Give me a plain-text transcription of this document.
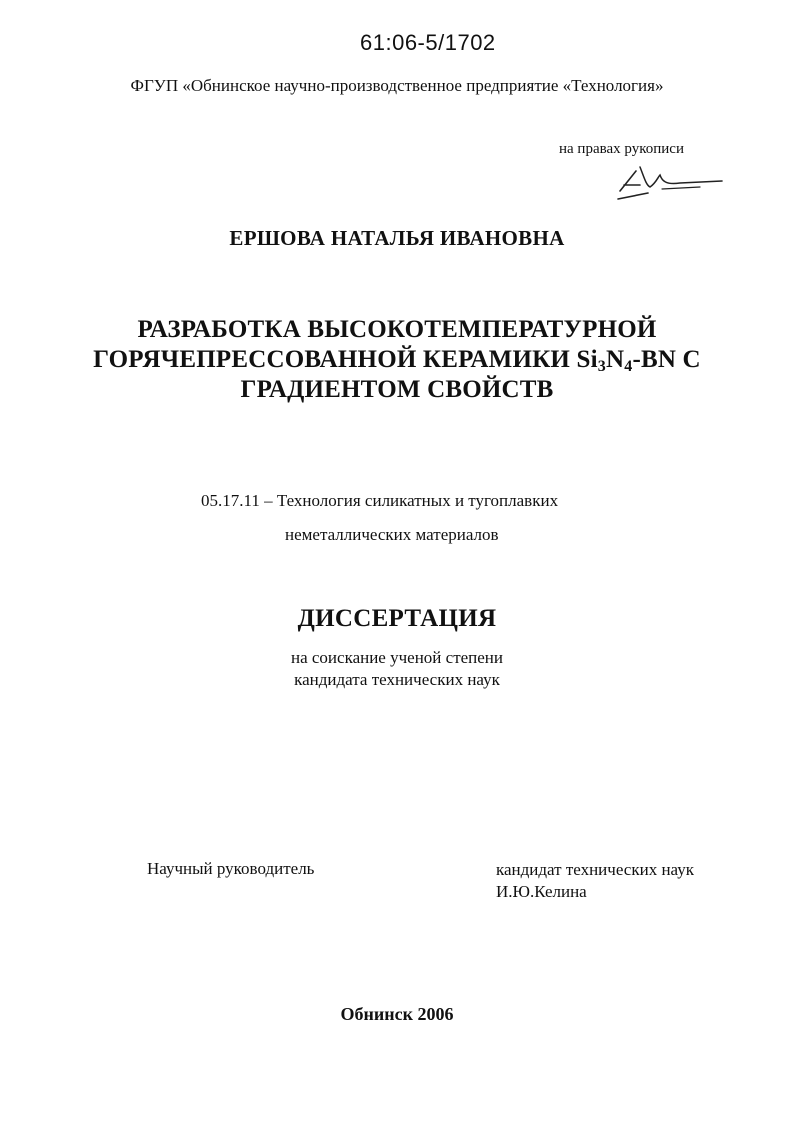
61:06-5/1702
ФГУП «Обнинское научно-производственное предприятие «Технология»
на правах рукописи
ЕРШОВА НАТАЛЬЯ ИВАНОВНА
РАЗРАБОТКА ВЫСОКОТЕМПЕРАТУРНОЙ
ГОРЯЧЕПРЕССОВАННОЙ КЕРАМИКИ $Si_3N_4-BN$ С
ГРАДИЕНТОМ СВОЙСТВ
05.17.11 – Технология силикатных и тугоплавких
неметаллических материалов
ДИССЕРТАЦИЯ
на соискание ученой степени
кандидата технических наук
Научный руководитель	кандидат технических наук
И.Ю.Келина
Обнинск 2006
